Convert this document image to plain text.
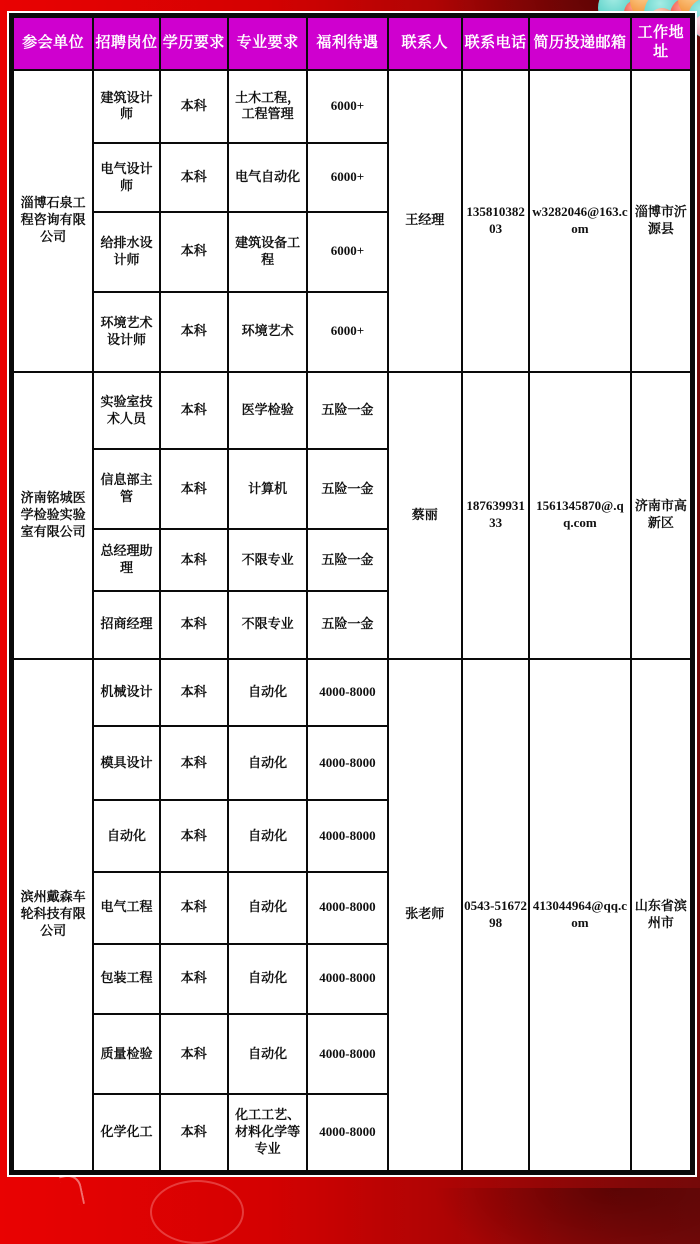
参会单位	招聘岗位	学历要求	专业要求	福利待遇	联系人	联系电话	简历投递邮箱	工作地址
淄博石泉工程咨询有限公司	建筑设计师	本科	土木工程，工程管理	6000+	王经理	13581038203	w3282046@163.com	淄博市沂源县
	电气设计师	本科	电气自动化	6000+				
	给排水设计师	本科	建筑设备工程	6000+				
	环境艺术设计师	本科	环境艺术	6000+				
济南铭城医学检验实验室有限公司	实验室技术人员	本科	医学检验	五险一金	蔡丽	18763993133	1561345870@.qq.com	济南市高新区
	信息部主管	本科	计算机	五险一金				
	总经理助理	本科	不限专业	五险一金				
	招商经理	本科	不限专业	五险一金				
滨州戴森车轮科技有限公司	机械设计	本科	自动化	4000-8000	张老师	0543-5167298	413044964@qq.com	山东省滨州市
	模具设计	本科	自动化	4000-8000				
	自动化	本科	自动化	4000-8000				
	电气工程	本科	自动化	4000-8000				
	包装工程	本科	自动化	4000-8000				
	质量检验	本科	自动化	4000-8000				
	化学化工	本科	化工工艺、材料化学等专业	4000-8000				
